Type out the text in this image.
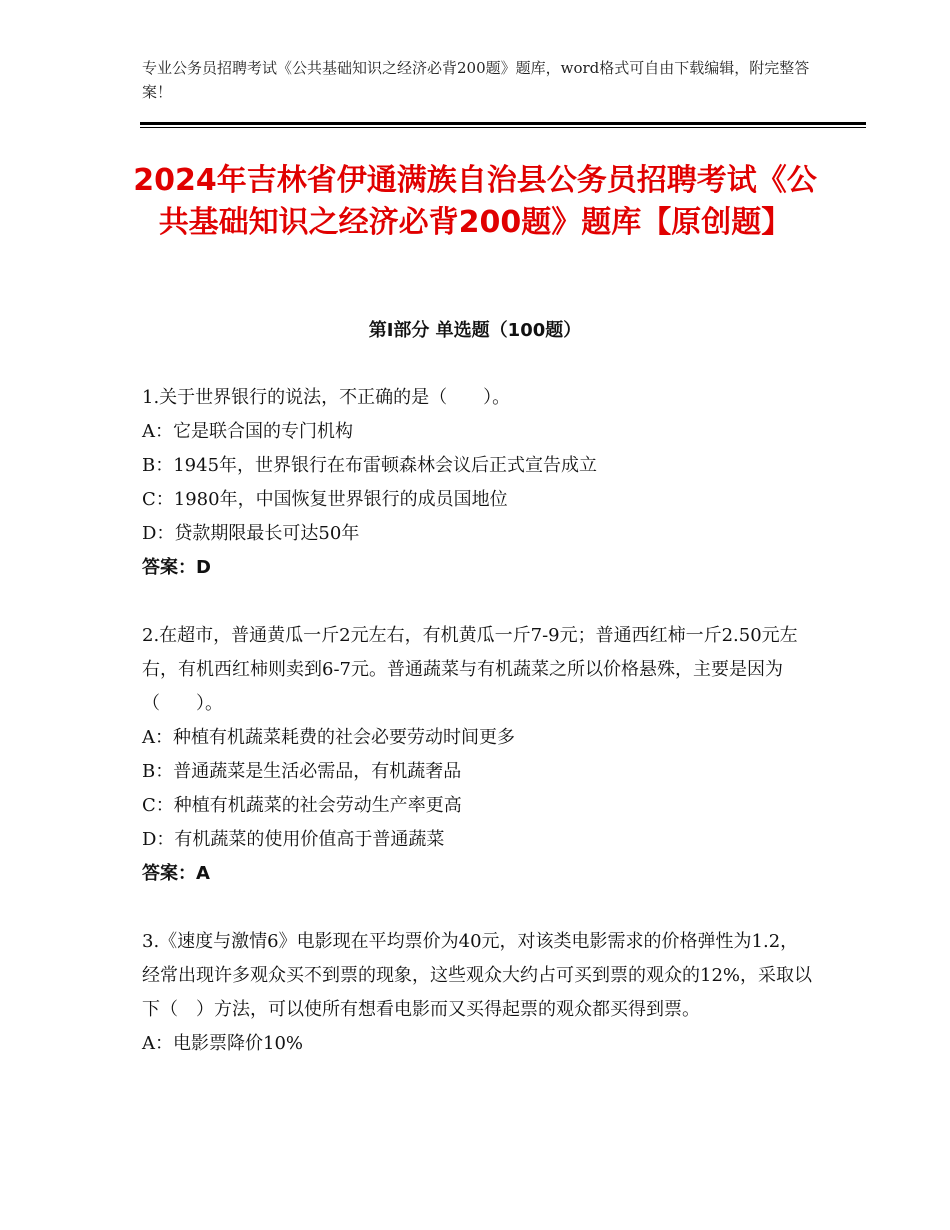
专业公务员招聘考试《公共基础知识之经济必背200题》题库，word格式可自由下载编辑，附完整答案！
2024年吉林省伊通满族自治县公务员招聘考试《公共基础知识之经济必背200题》题库【原创题】
第Ⅰ部分 单选题（100题）

1.关于世界银行的说法，不正确的是（　　）。

A：它是联合国的专门机构

B：1945年，世界银行在布雷顿森林会议后正式宣告成立

C：1980年，中国恢复世界银行的成员国地位

D：贷款期限最长可达50年

答案：D

2.在超市，普通黄瓜一斤2元左右，有机黄瓜一斤7-9元；普通西红柿一斤2.50元左右，有机西红柿则卖到6-7元。普通蔬菜与有机蔬菜之所以价格悬殊，主要是因为（　　）。

A：种植有机蔬菜耗费的社会必要劳动时间更多

B：普通蔬菜是生活必需品，有机蔬奢品

C：种植有机蔬菜的社会劳动生产率更高

D：有机蔬菜的使用价值高于普通蔬菜

答案：A

3.《速度与激情6》电影现在平均票价为40元，对该类电影需求的价格弹性为1.2，经常出现许多观众买不到票的现象，这些观众大约占可买到票的观众的12%，采取以下（　）方法，可以使所有想看电影而又买得起票的观众都买得到票。

A：电影票降价10%
